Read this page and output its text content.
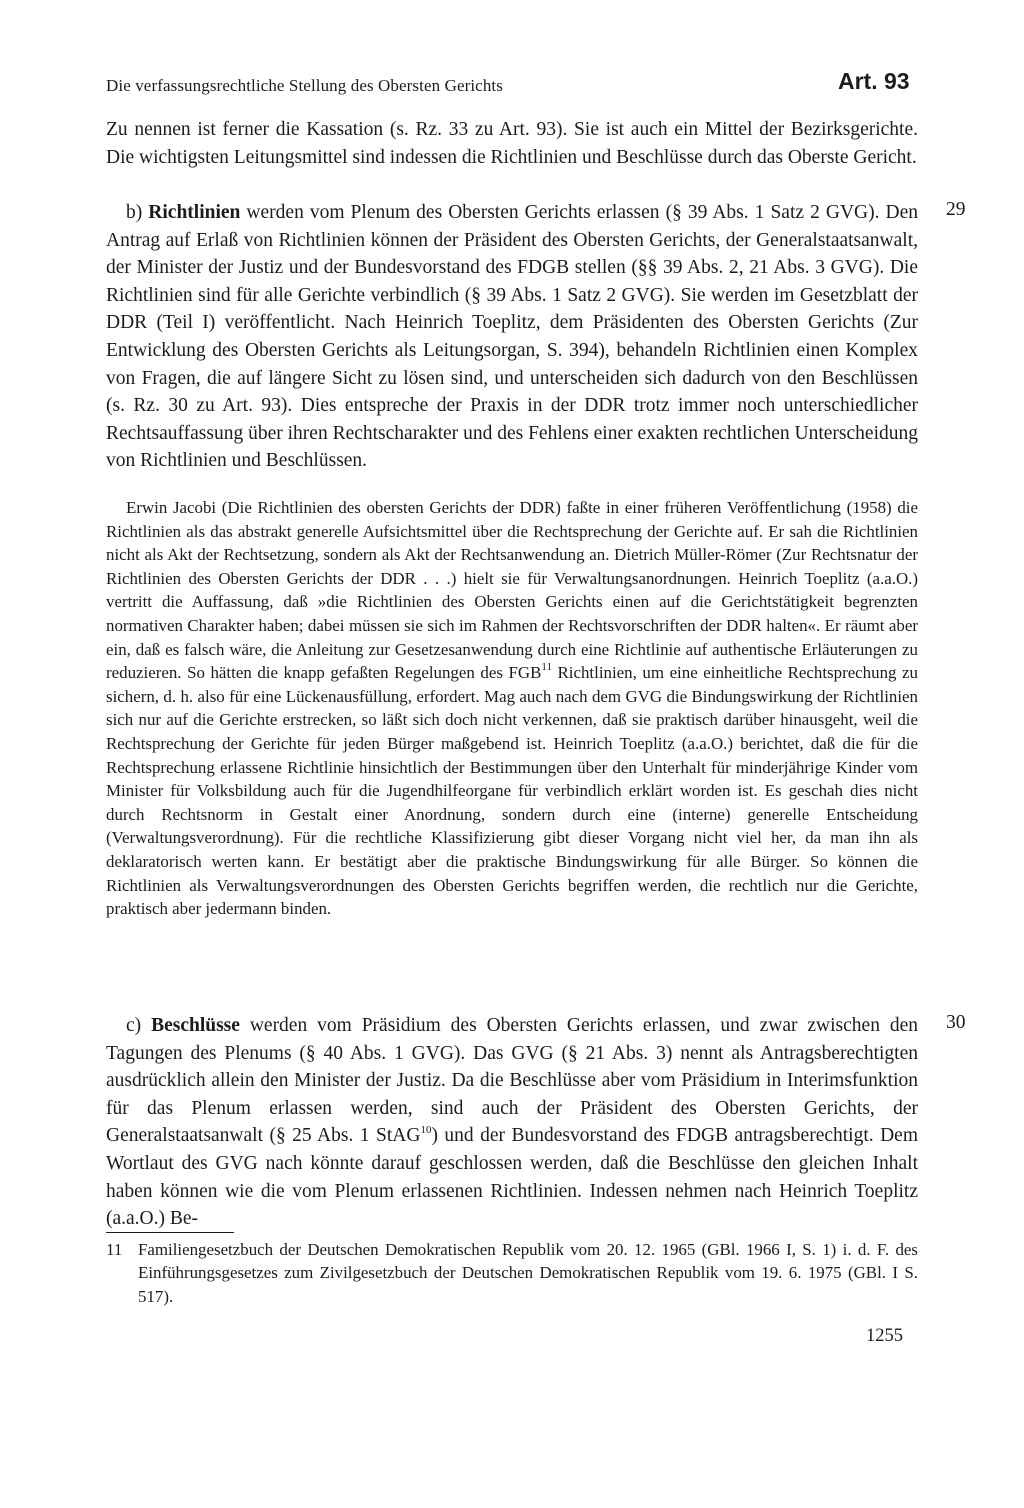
Die verfassungsrechtliche Stellung des Obersten Gerichts	Art. 93

Zu nennen ist ferner die Kassation (s. Rz. 33 zu Art. 93). Sie ist auch ein Mittel der Bezirksgerichte. Die wichtigsten Leitungsmittel sind indessen die Richtlinien und Beschlüsse durch das Oberste Gericht.

b) Richtlinien werden vom Plenum des Obersten Gerichts erlassen (§ 39 Abs. 1 Satz 2 GVG). Den Antrag auf Erlaß von Richtlinien können der Präsident des Obersten Gerichts, der Generalstaatsanwalt, der Minister der Justiz und der Bundesvorstand des FDGB stellen (§§ 39 Abs. 2, 21 Abs. 3 GVG). Die Richtlinien sind für alle Gerichte verbindlich (§ 39 Abs. 1 Satz 2 GVG). Sie werden im Gesetzblatt der DDR (Teil I) veröffentlicht. Nach Heinrich Toeplitz, dem Präsidenten des Obersten Gerichts (Zur Entwicklung des Obersten Gerichts als Leitungsorgan, S. 394), behandeln Richtlinien einen Komplex von Fragen, die auf längere Sicht zu lösen sind, und unterscheiden sich dadurch von den Beschlüssen (s. Rz. 30 zu Art. 93). Dies entspreche der Praxis in der DDR trotz immer noch unterschiedlicher Rechtsauffassung über ihren Rechtscharakter und des Fehlens einer exakten rechtlichen Unterscheidung von Richtlinien und Beschlüssen.

29

Erwin Jacobi (Die Richtlinien des obersten Gerichts der DDR) faßte in einer früheren Veröffentlichung (1958) die Richtlinien als das abstrakt generelle Aufsichtsmittel über die Rechtsprechung der Gerichte auf. Er sah die Richtlinien nicht als Akt der Rechtsetzung, sondern als Akt der Rechtsanwendung an. Dietrich Müller-Römer (Zur Rechtsnatur der Richtlinien des Obersten Gerichts der DDR . . .) hielt sie für Verwaltungsanordnungen. Heinrich Toeplitz (a.a.O.) vertritt die Auffassung, daß »die Richtlinien des Obersten Gerichts einen auf die Gerichtstätigkeit begrenzten normativen Charakter haben; dabei müssen sie sich im Rahmen der Rechtsvorschriften der DDR halten«. Er räumt aber ein, daß es falsch wäre, die Anleitung zur Gesetzesanwendung durch eine Richtlinie auf authentische Erläuterungen zu reduzieren. So hätten die knapp gefaßten Regelungen des FGB$^{11}$ Richtlinien, um eine einheitliche Rechtsprechung zu sichern, d. h. also für eine Lückenausfüllung, erfordert. Mag auch nach dem GVG die Bindungswirkung der Richtlinien sich nur auf die Gerichte erstrecken, so läßt sich doch nicht verkennen, daß sie praktisch darüber hinausgeht, weil die Rechtsprechung der Gerichte für jeden Bürger maßgebend ist. Heinrich Toeplitz (a.a.O.) berichtet, daß die für die Rechtsprechung erlassene Richtlinie hinsichtlich der Bestimmungen über den Unterhalt für minderjährige Kinder vom Minister für Volksbildung auch für die Jugendhilfeorgane für verbindlich erklärt worden ist. Es geschah dies nicht durch Rechtsnorm in Gestalt einer Anordnung, sondern durch eine (interne) generelle Entscheidung (Verwaltungsverordnung). Für die rechtliche Klassifizierung gibt dieser Vorgang nicht viel her, da man ihn als deklaratorisch werten kann. Er bestätigt aber die praktische Bindungswirkung für alle Bürger. So können die Richtlinien als Verwaltungsverordnungen des Obersten Gerichts begriffen werden, die rechtlich nur die Gerichte, praktisch aber jedermann binden.

c) Beschlüsse werden vom Präsidium des Obersten Gerichts erlassen, und zwar zwischen den Tagungen des Plenums (§ 40 Abs. 1 GVG). Das GVG (§ 21 Abs. 3) nennt als Antragsberechtigten ausdrücklich allein den Minister der Justiz. Da die Beschlüsse aber vom Präsidium in Interimsfunktion für das Plenum erlassen werden, sind auch der Präsident des Obersten Gerichts, der Generalstaatsanwalt (§ 25 Abs. 1 StAG$^{10}$) und der Bundesvorstand des FDGB antragsberechtigt. Dem Wortlaut des GVG nach könnte darauf geschlossen werden, daß die Beschlüsse den gleichen Inhalt haben können wie die vom Plenum erlassenen Richtlinien. Indessen nehmen nach Heinrich Toeplitz (a.a.O.) Be-

30
11 Familiengesetzbuch der Deutschen Demokratischen Republik vom 20. 12. 1965 (GBl. 1966 I, S. 1) i. d. F. des Einführungsgesetzes zum Zivilgesetzbuch der Deutschen Demokratischen Republik vom 19. 6. 1975 (GBl. I S. 517).

1255
